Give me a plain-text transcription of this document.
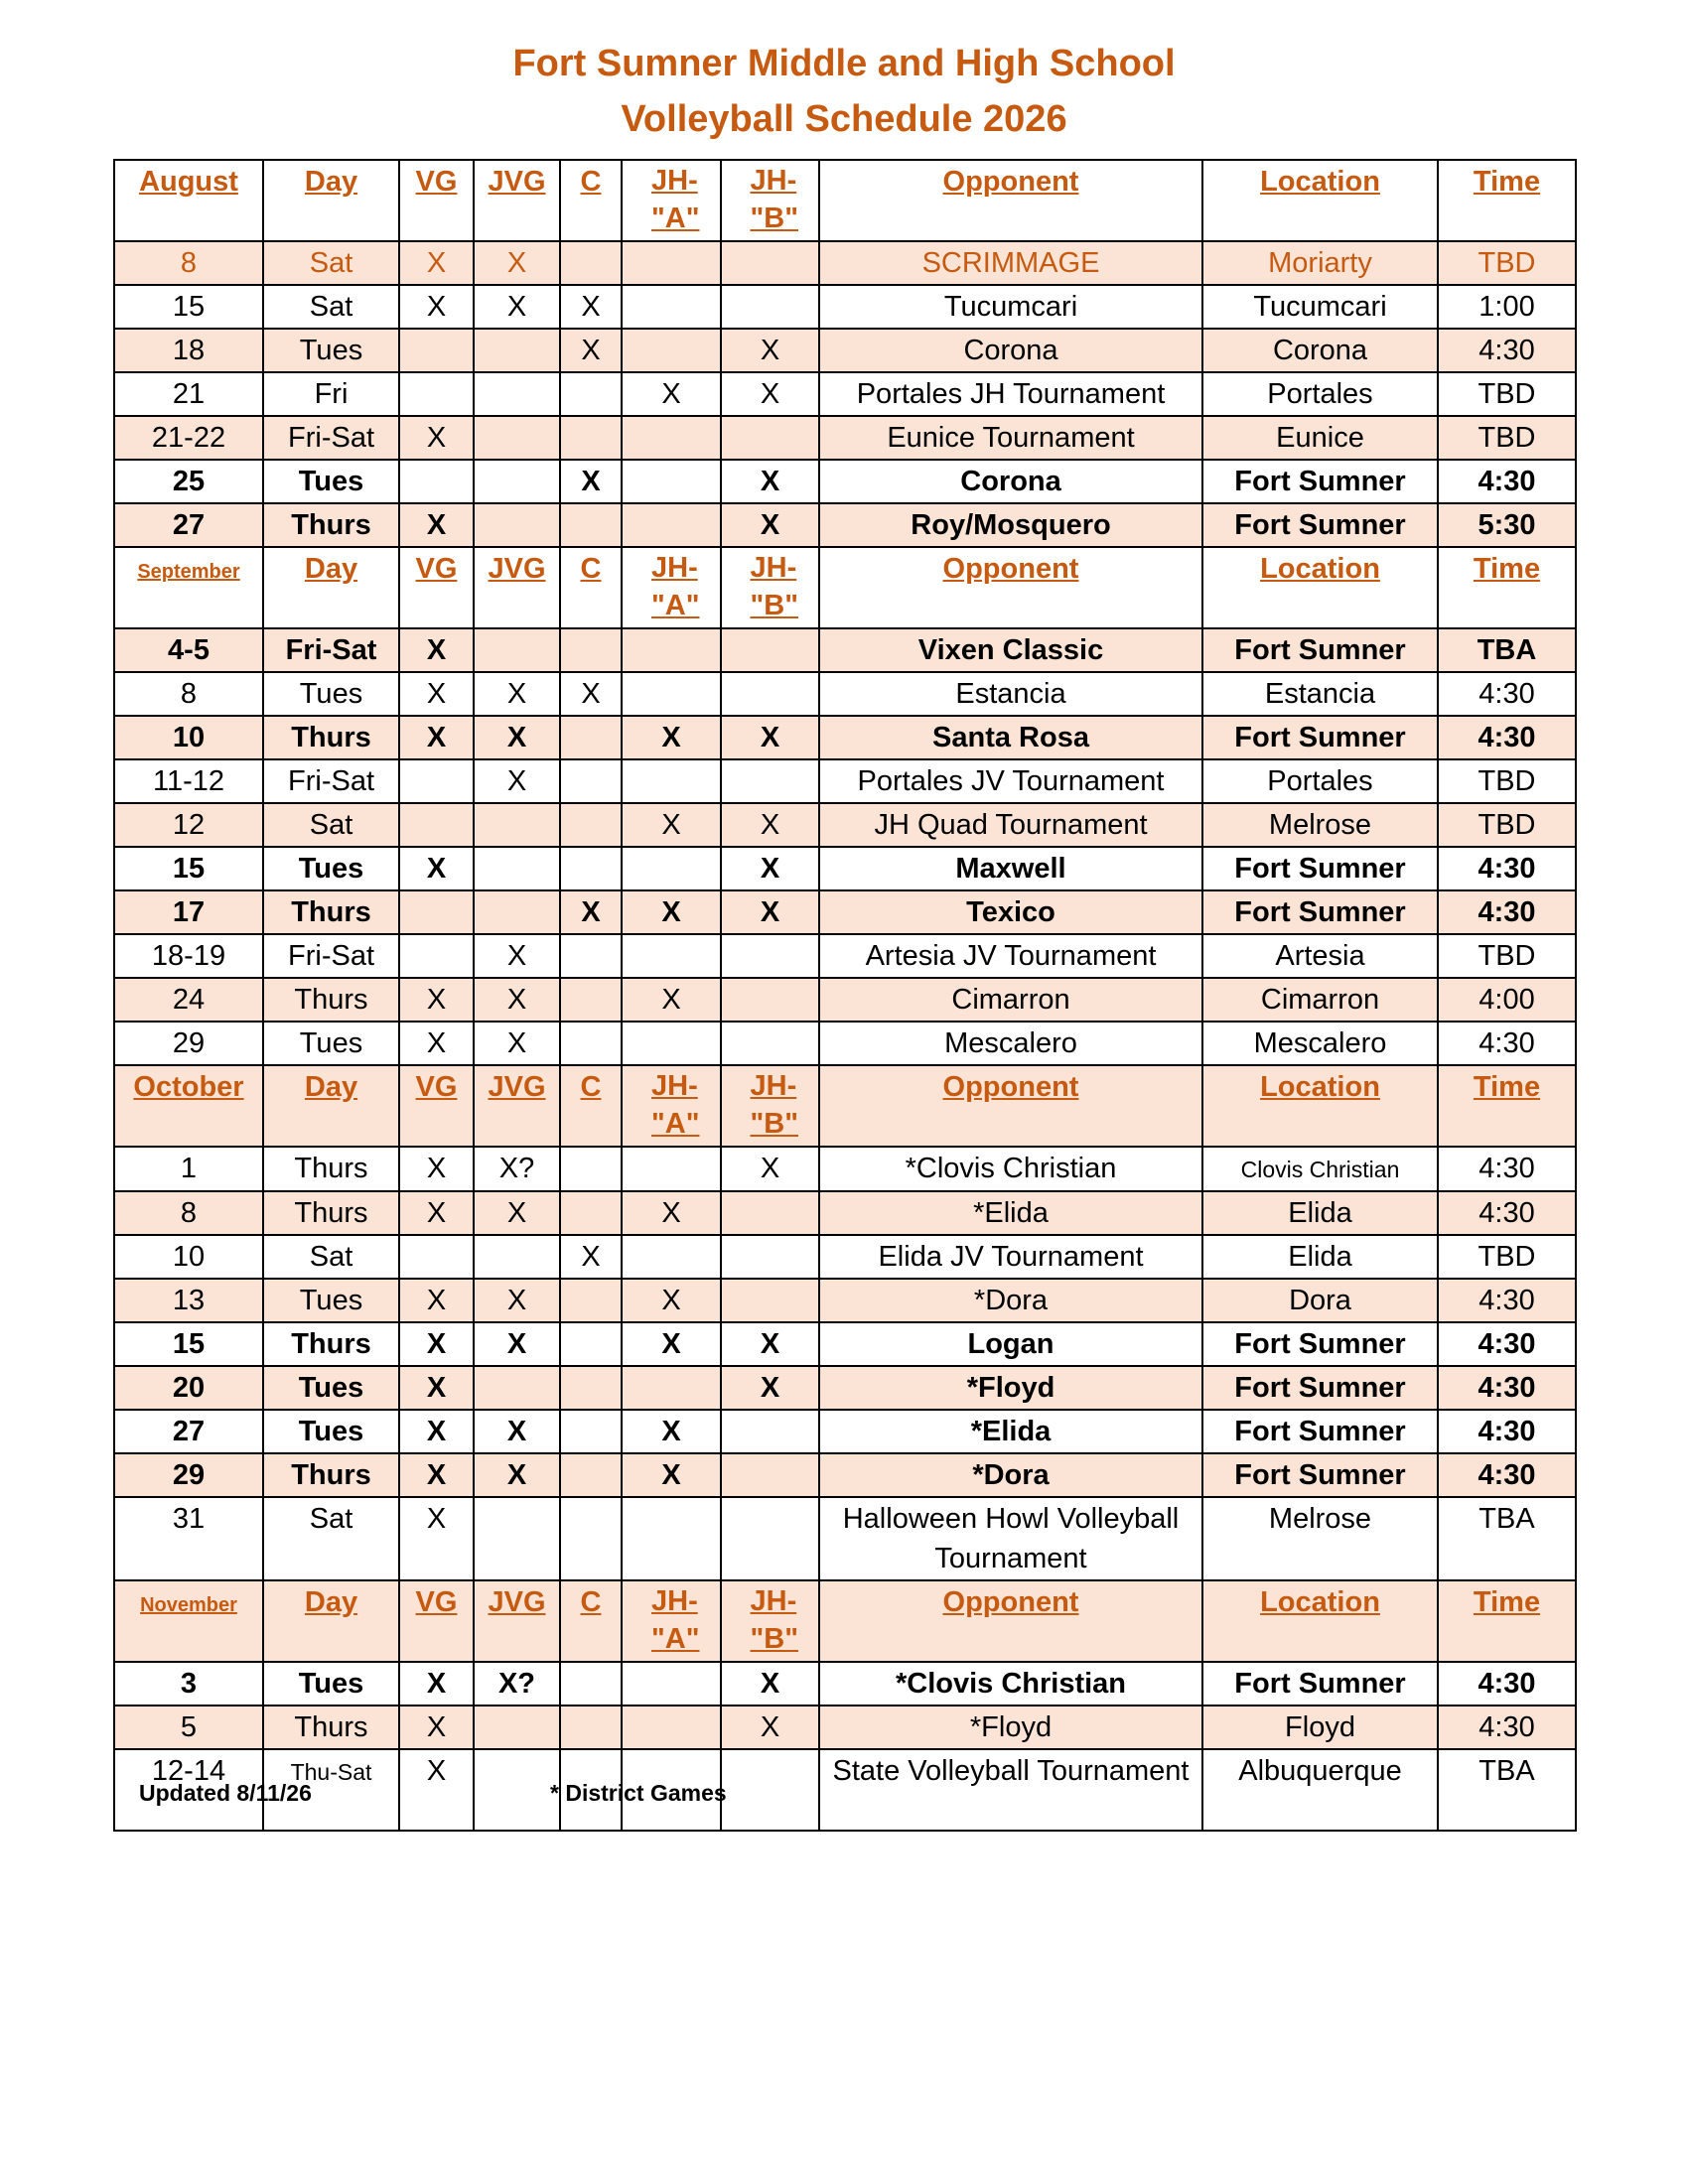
Fort Sumner Middle and High School
Volleyball Schedule 2026
August	Day	VG	JVG	C	JH-"A"	JH-"B"	Opponent	Location	Time
8	Sat	X	X				SCRIMMAGE	Moriarty	TBD
15	Sat	X	X	X			Tucumcari	Tucumcari	1:00
18	Tues			X		X	Corona	Corona	4:30
21	Fri				X	X	Portales JH Tournament	Portales	TBD
21-22	Fri-Sat	X					Eunice Tournament	Eunice	TBD
25	Tues			X		X	Corona	Fort Sumner	4:30
27	Thurs	X				X	Roy/Mosquero	Fort Sumner	5:30
September	Day	VG	JVG	C	JH-"A"	JH-"B"	Opponent	Location	Time
4-5	Fri-Sat	X					Vixen Classic	Fort Sumner	TBA
8	Tues	X	X	X			Estancia	Estancia	4:30
10	Thurs	X	X		X	X	Santa Rosa	Fort Sumner	4:30
11-12	Fri-Sat		X				Portales JV Tournament	Portales	TBD
12	Sat				X	X	JH Quad Tournament	Melrose	TBD
15	Tues	X				X	Maxwell	Fort Sumner	4:30
17	Thurs			X	X	X	Texico	Fort Sumner	4:30
18-19	Fri-Sat		X				Artesia JV Tournament	Artesia	TBD
24	Thurs	X	X		X		Cimarron	Cimarron	4:00
29	Tues	X	X				Mescalero	Mescalero	4:30
October	Day	VG	JVG	C	JH-"A"	JH-"B"	Opponent	Location	Time
1	Thurs	X	X?			X	*Clovis Christian	Clovis Christian	4:30
8	Thurs	X	X		X		*Elida	Elida	4:30
10	Sat			X			Elida JV Tournament	Elida	TBD
13	Tues	X	X		X		*Dora	Dora	4:30
15	Thurs	X	X		X	X	Logan	Fort Sumner	4:30
20	Tues	X				X	*Floyd	Fort Sumner	4:30
27	Tues	X	X		X		*Elida	Fort Sumner	4:30
29	Thurs	X	X		X		*Dora	Fort Sumner	4:30
31	Sat	X					Halloween Howl Volleyball Tournament	Melrose	TBA
November	Day	VG	JVG	C	JH-"A"	JH-"B"	Opponent	Location	Time
3	Tues	X	X?			X	*Clovis Christian	Fort Sumner	4:30
5	Thurs	X				X	*Floyd	Floyd	4:30
12-14	Thu-Sat	X					State Volleyball Tournament	Albuquerque	TBA
Updated 8/11/26	* District Games
